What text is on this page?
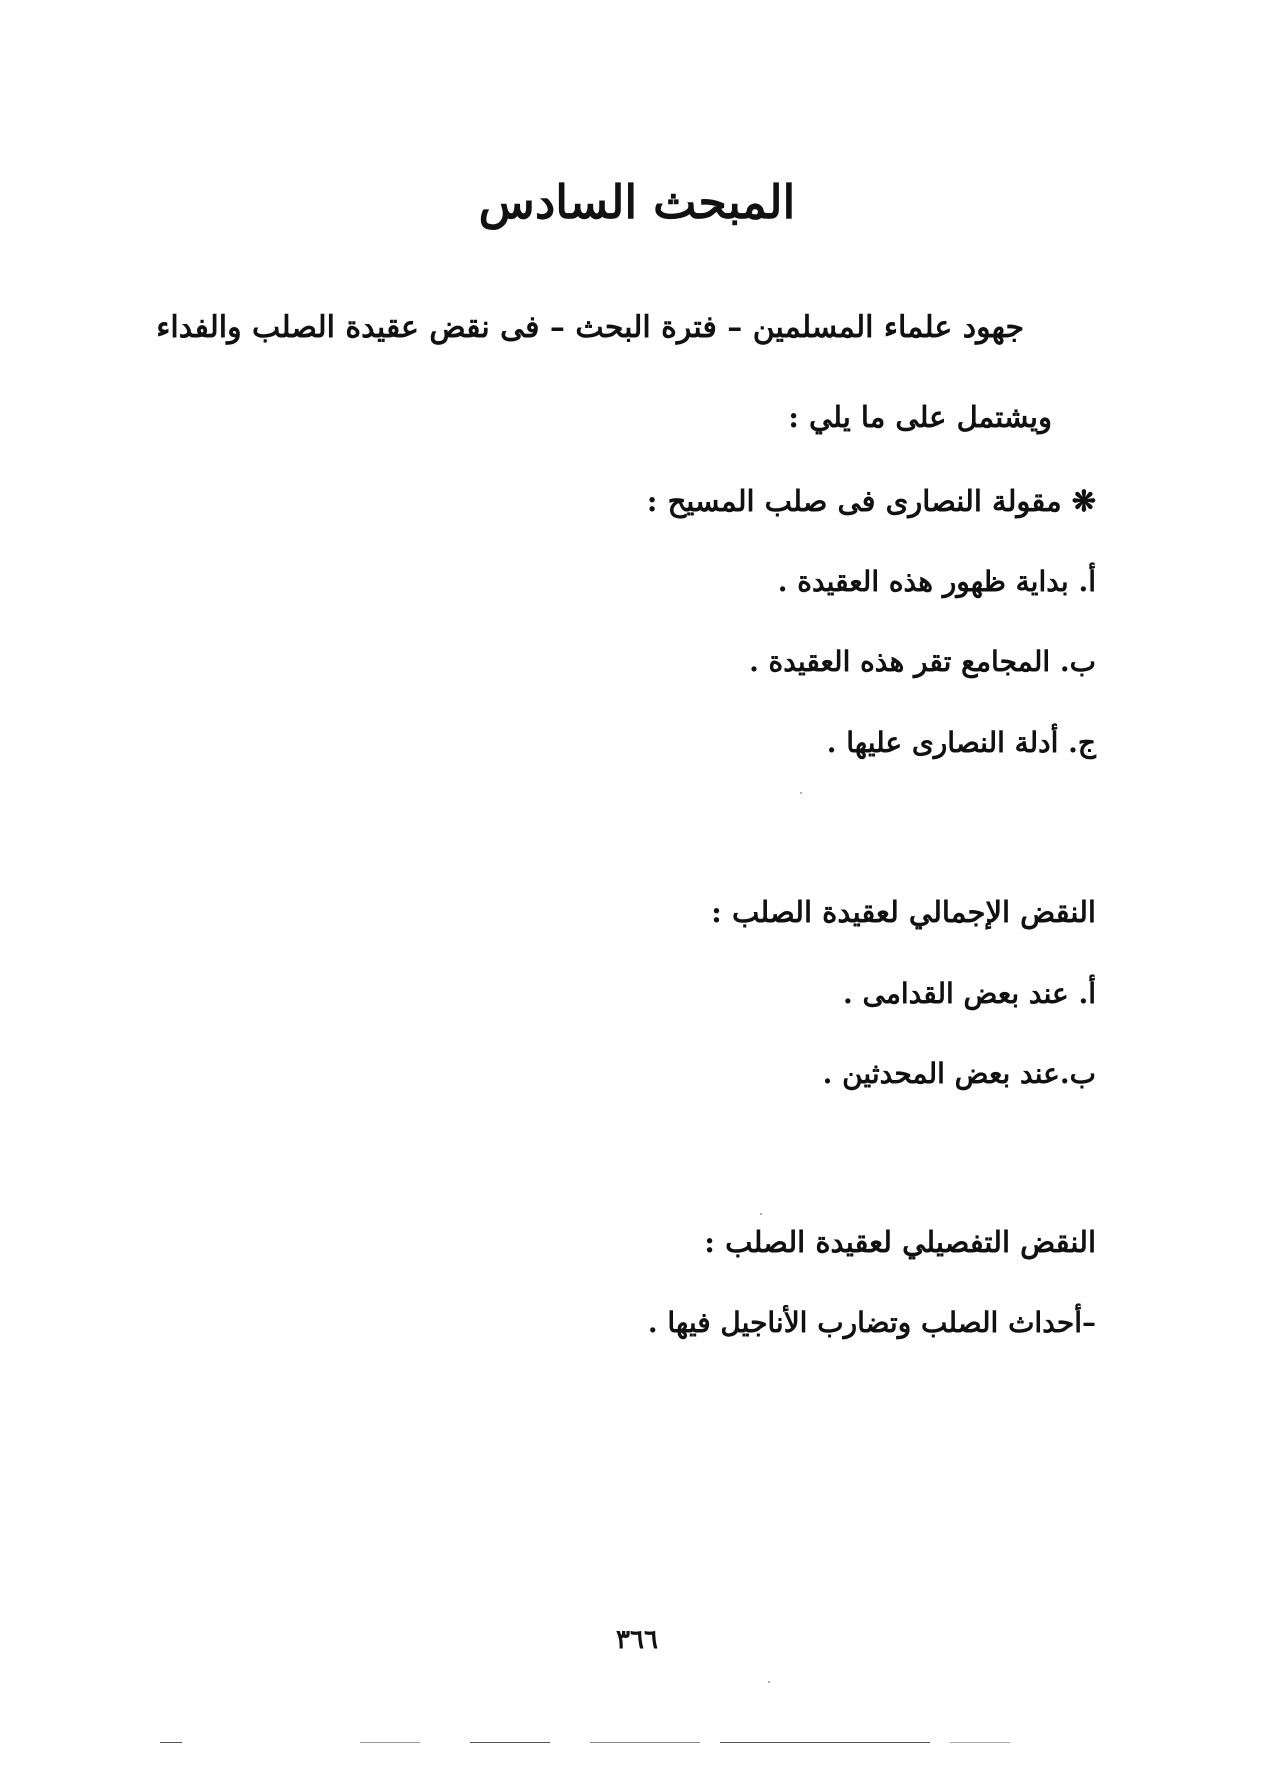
المبحث السادس
جهود علماء المسلمين – فترة البحث – فى نقض عقيدة الصلب والفداء
ويشتمل على ما يلي :
❋ مقولة النصارى فى صلب المسيح :
أ. بداية ظهور هذه العقيدة .
ب. المجامع تقر هذه العقيدة .
ج. أدلة النصارى عليها .
النقض الإجمالي لعقيدة الصلب :
أ. عند بعض القدامى .
ب.عند بعض المحدثين .
النقض التفصيلي لعقيدة الصلب :
–أحداث الصلب وتضارب الأناجيل فيها .
٣٦٦
